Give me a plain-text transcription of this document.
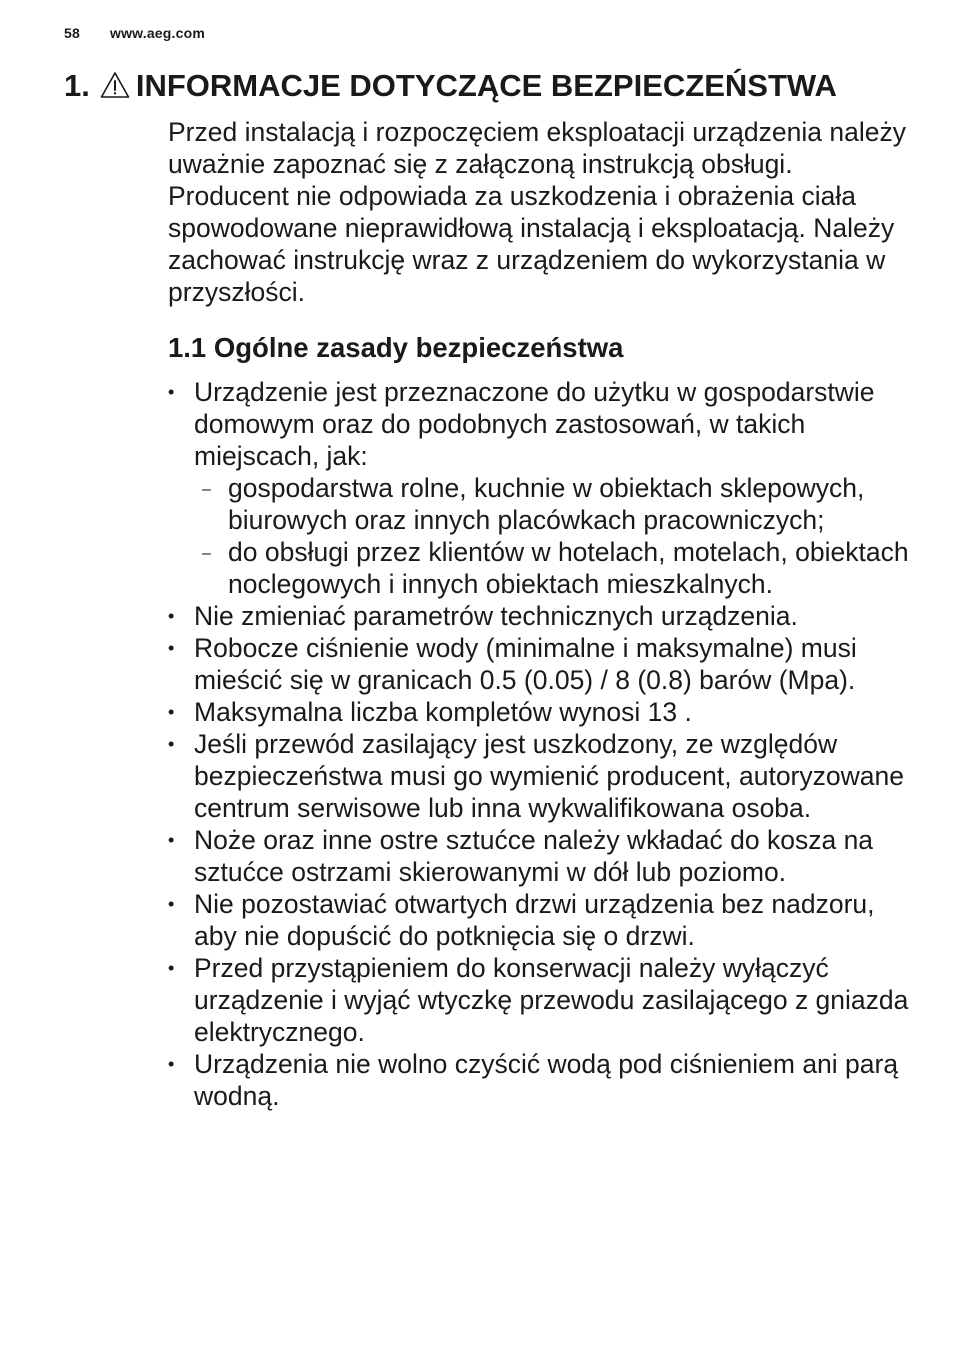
58 www.aeg.com
1. INFORMACJE DOTYCZĄCE BEZPIECZEŃSTWA

Przed instalacją i rozpoczęciem eksploatacji urządzenia należy uważnie zapoznać się z załączoną instrukcją obsługi. Producent nie odpowiada za uszkodzenia i obrażenia ciała spowodowane nieprawidłową instalacją i eksploatacją. Należy zachować instrukcję wraz z urządzeniem do wykorzystania w przyszłości.

1.1 Ogólne zasady bezpieczeństwa
• Urządzenie jest przeznaczone do użytku w gospodarstwie domowym oraz do podobnych zastosowań, w takich miejscach, jak:
– gospodarstwa rolne, kuchnie w obiektach sklepowych, biurowych oraz innych placówkach pracowniczych;
– do obsługi przez klientów w hotelach, motelach, obiektach noclegowych i innych obiektach mieszkalnych.
• Nie zmieniać parametrów technicznych urządzenia.
• Robocze ciśnienie wody (minimalne i maksymalne) musi mieścić się w granicach 0.5 (0.05) / 8 (0.8) barów (Mpa).
• Maksymalna liczba kompletów wynosi 13 .
• Jeśli przewód zasilający jest uszkodzony, ze względów bezpieczeństwa musi go wymienić producent, autoryzowane centrum serwisowe lub inna wykwalifikowana osoba.
• Noże oraz inne ostre sztućce należy wkładać do kosza na sztućce ostrzami skierowanymi w dół lub poziomo.
• Nie pozostawiać otwartych drzwi urządzenia bez nadzoru, aby nie dopuścić do potknięcia się o drzwi.
• Przed przystąpieniem do konserwacji należy wyłączyć urządzenie i wyjąć wtyczkę przewodu zasilającego z gniazda elektrycznego.
• Urządzenia nie wolno czyścić wodą pod ciśnieniem ani parą wodną.
